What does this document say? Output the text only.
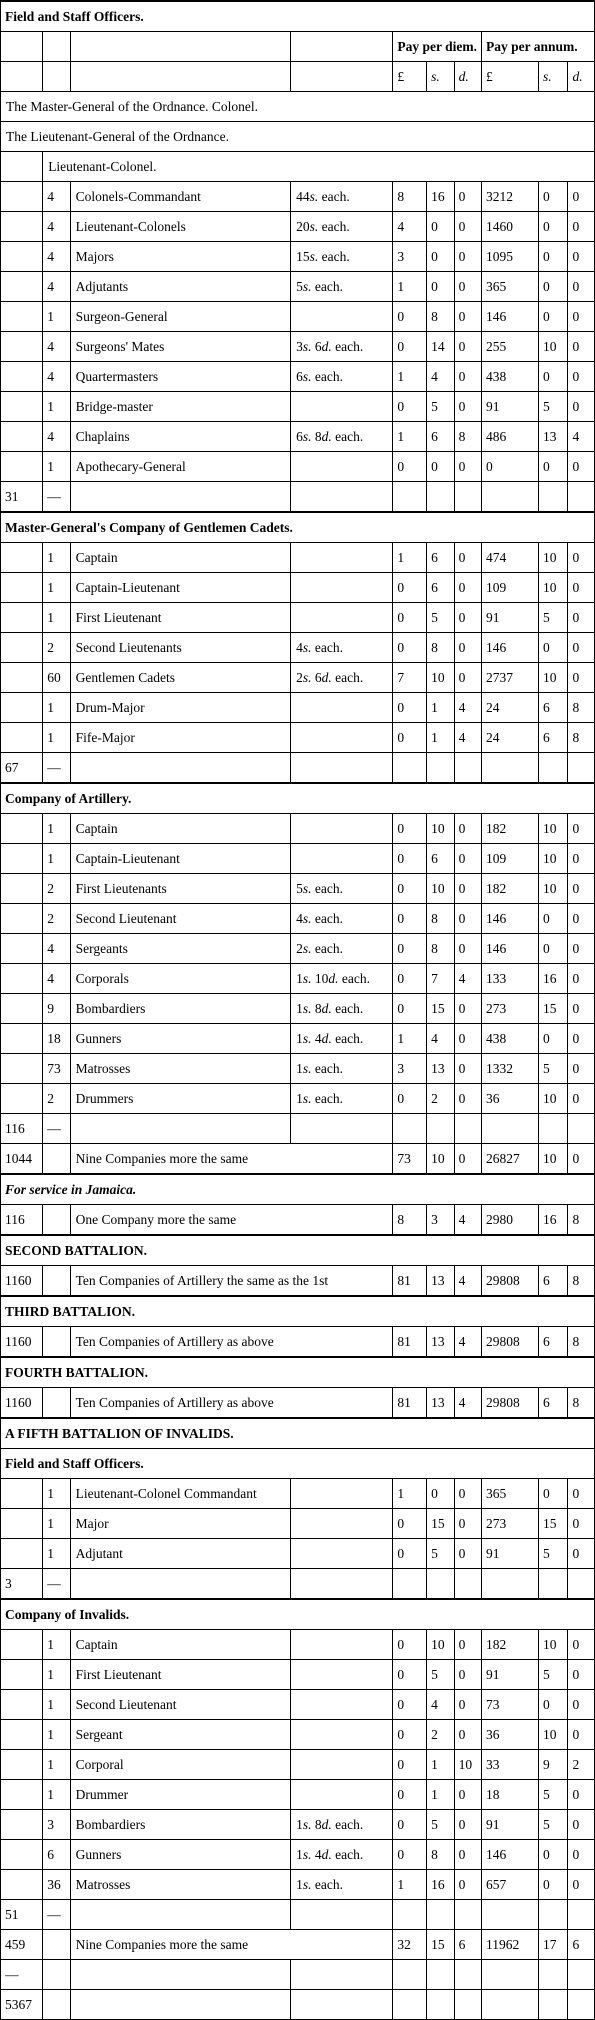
Field and Staff Officers.									
				Pay per diem.			Pay per annum.		
				£	s.	d.	£	s.	d.
The Master-General of the Ordnance. Colonel.									
The Lieutenant-General of the Ordnance.									
	Lieutenant-Colonel.								
	4	Colonels-Commandant	44s. each.	8	16	0	3212	0	0
	4	Lieutenant-Colonels	20s. each.	4	0	0	1460	0	0
	4	Majors	15s. each.	3	0	0	1095	0	0
	4	Adjutants	5s. each.	1	0	0	365	0	0
	1	Surgeon-General		0	8	0	146	0	0
	4	Surgeons' Mates	3s. 6d. each.	0	14	0	255	10	0
	4	Quartermasters	6s. each.	1	4	0	438	0	0
	1	Bridge-master		0	5	0	91	5	0
	4	Chaplains	6s. 8d. each.	1	6	8	486	13	4
	1	Apothecary-General		0	0	0	0	0	0
31	—								
Master-General's Company of Gentlemen Cadets.									
	1	Captain		1	6	0	474	10	0
	1	Captain-Lieutenant		0	6	0	109	10	0
	1	First Lieutenant		0	5	0	91	5	0
	2	Second Lieutenants	4s. each.	0	8	0	146	0	0
	60	Gentlemen Cadets	2s. 6d. each.	7	10	0	2737	10	0
	1	Drum-Major		0	1	4	24	6	8
	1	Fife-Major		0	1	4	24	6	8
67	—								
Company of Artillery.									
	1	Captain		0	10	0	182	10	0
	1	Captain-Lieutenant		0	6	0	109	10	0
	2	First Lieutenants	5s. each.	0	10	0	182	10	0
	2	Second Lieutenant	4s. each.	0	8	0	146	0	0
	4	Sergeants	2s. each.	0	8	0	146	0	0
	4	Corporals	1s. 10d. each.	0	7	4	133	16	0
	9	Bombardiers	1s. 8d. each.	0	15	0	273	15	0
	18	Gunners	1s. 4d. each.	1	4	0	438	0	0
	73	Matrosses	1s. each.	3	13	0	1332	5	0
	2	Drummers	1s. each.	0	2	0	36	10	0
116	—								
1044		Nine Companies more the same		73	10	0	26827	10	0
For service in Jamaica.									
116		One Company more the same		8	3	4	2980	16	8
SECOND BATTALION.									
1160		Ten Companies of Artillery the same as the 1st		81	13	4	29808	6	8
THIRD BATTALION.									
1160		Ten Companies of Artillery as above		81	13	4	29808	6	8
FOURTH BATTALION.									
1160		Ten Companies of Artillery as above		81	13	4	29808	6	8
A FIFTH BATTALION OF INVALIDS.									
Field and Staff Officers.									
	1	Lieutenant-Colonel Commandant		1	0	0	365	0	0
	1	Major		0	15	0	273	15	0
	1	Adjutant		0	5	0	91	5	0
3	—								
Company of Invalids.									
	1	Captain		0	10	0	182	10	0
	1	First Lieutenant		0	5	0	91	5	0
	1	Second Lieutenant		0	4	0	73	0	0
	1	Sergeant		0	2	0	36	10	0
	1	Corporal		0	1	10	33	9	2
	1	Drummer		0	1	0	18	5	0
	3	Bombardiers	1s. 8d. each.	0	5	0	91	5	0
	6	Gunners	1s. 4d. each.	0	8	0	146	0	0
	36	Matrosses	1s. each.	1	16	0	657	0	0
51	—								
459		Nine Companies more the same		32	15	6	11962	17	6
—									
5367									
